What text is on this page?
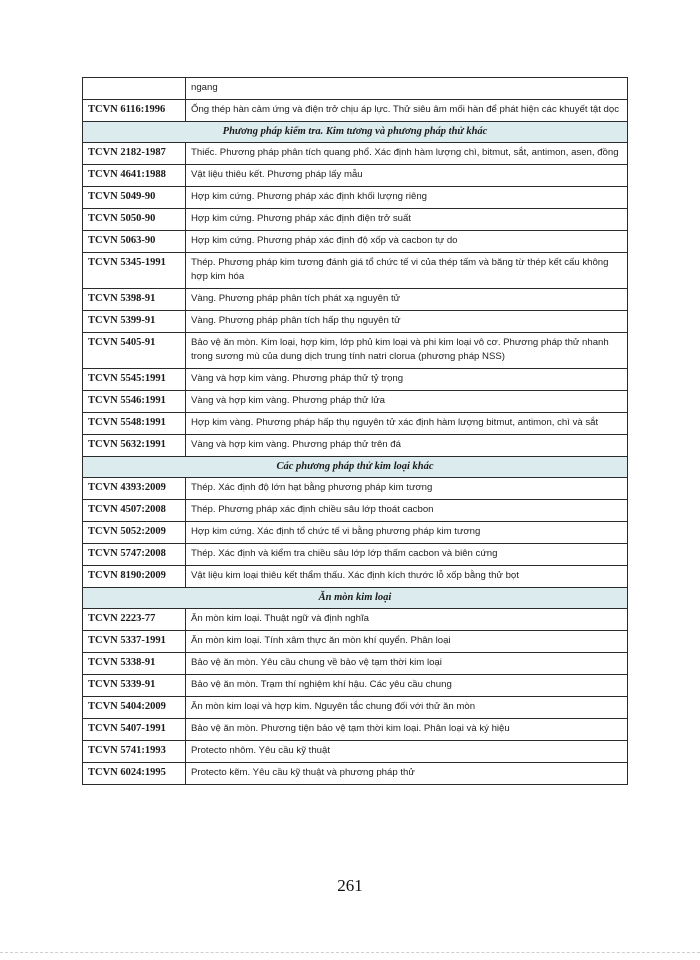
	ngang
TCVN 6116:1996	Ống thép hàn cảm ứng và điện trở chịu áp lực. Thử siêu âm mối hàn để phát hiện các khuyết tật dọc
Phương pháp kiểm tra. Kim tương và phương pháp thử khác	
TCVN 2182-1987	Thiếc. Phương pháp phân tích quang phổ. Xác định hàm lượng chì, bitmut, sắt, antimon, asen, đồng
TCVN 4641:1988	Vật liệu thiêu kết. Phương pháp lấy mẫu
TCVN 5049-90	Hợp kim cứng. Phương pháp xác định khối lượng riêng
TCVN 5050-90	Hợp kim cứng. Phương pháp xác định điện trở suất
TCVN 5063-90	Hợp kim cứng. Phương pháp xác định độ xốp và cacbon tự do
TCVN 5345-1991	Thép. Phương pháp kim tương đánh giá tổ chức tế vi của thép tấm và băng từ thép kết cấu không hợp kim hóa
TCVN 5398-91	Vàng. Phương pháp phân tích phát xạ nguyên tử
TCVN 5399-91	Vàng. Phương pháp phân tích hấp thụ nguyên tử
TCVN 5405-91	Bảo vệ ăn mòn. Kim loại, hợp kim, lớp phủ kim loại và phi kim loại vô cơ. Phương pháp thử nhanh trong sương mù của dung dịch trung tính natri clorua (phương pháp NSS)
TCVN 5545:1991	Vàng và hợp kim vàng. Phương pháp thử tỷ trọng
TCVN 5546:1991	Vàng và hợp kim vàng. Phương pháp thử lửa
TCVN 5548:1991	Hợp kim vàng. Phương pháp hấp thụ nguyên tử xác định hàm lượng bitmut, antimon, chì và sắt
TCVN 5632:1991	Vàng và hợp kim vàng. Phương pháp thử trên đá
Các phương pháp thử kim loại khác	
TCVN 4393:2009	Thép. Xác định độ lớn hạt bằng phương pháp kim tương
TCVN 4507:2008	Thép. Phương pháp xác định chiều sâu lớp thoát cacbon
TCVN 5052:2009	Hợp kim cứng. Xác định tổ chức tế vi bằng phương pháp kim tương
TCVN 5747:2008	Thép. Xác định và kiểm tra chiều sâu lớp lớp thấm cacbon và biên cứng
TCVN 8190:2009	Vật liệu kim loại thiêu kết thẩm thấu. Xác định kích thước lỗ xốp bằng thử bọt
Ăn mòn kim loại	
TCVN 2223-77	Ăn mòn kim loại. Thuật ngữ và định nghĩa
TCVN 5337-1991	Ăn mòn kim loại. Tính xâm thực ăn mòn khí quyển. Phân loại
TCVN 5338-91	Bảo vệ ăn mòn. Yêu cầu chung về bảo vệ tạm thời kim loại
TCVN 5339-91	Bảo vệ ăn mòn. Trạm thí nghiệm khí hậu. Các yêu cầu chung
TCVN 5404:2009	Ăn mòn kim loại và hợp kim. Nguyên tắc chung đối với thử ăn mòn
TCVN 5407-1991	Bảo vệ ăn mòn. Phương tiện bảo vệ tạm thời kim loại. Phân loại và ký hiệu
TCVN 5741:1993	Protecto nhôm. Yêu cầu kỹ thuật
TCVN 6024:1995	Protecto kẽm. Yêu cầu kỹ thuật và phương pháp thử
261
